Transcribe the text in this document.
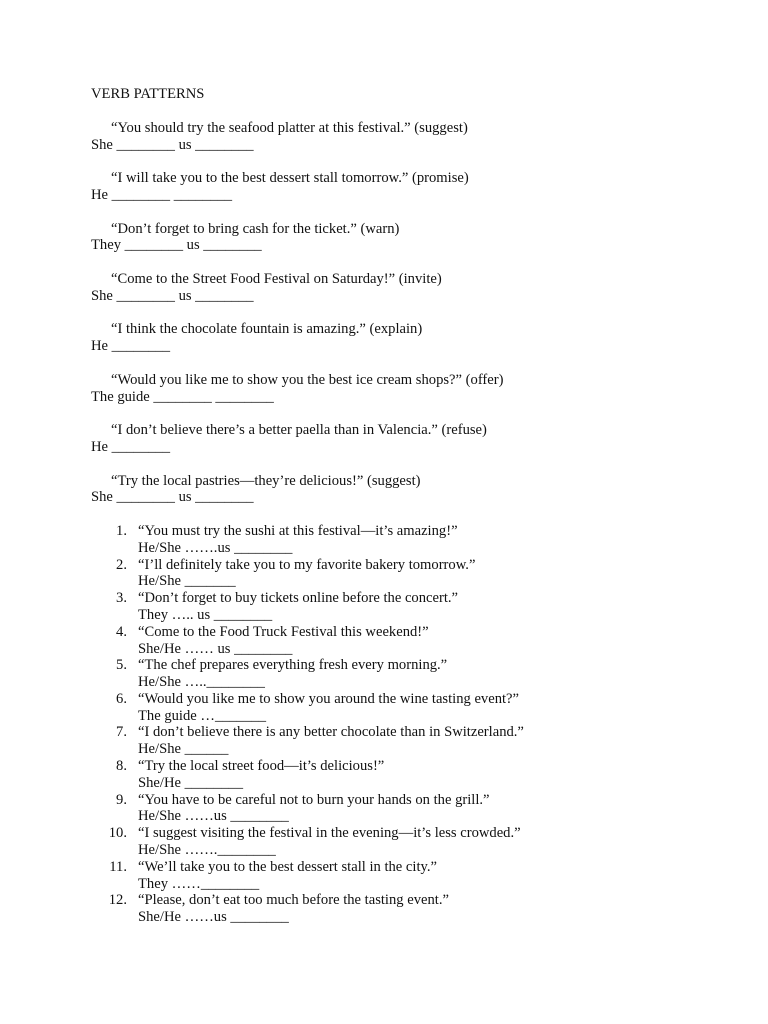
VERB PATTERNS
“You should try the seafood platter at this festival.” (suggest)
She ________ us ________
“I will take you to the best dessert stall tomorrow.” (promise)
He ________ ________
“Don’t forget to bring cash for the ticket.” (warn)
They ________ us ________
“Come to the Street Food Festival on Saturday!” (invite)
She ________ us ________
“I think the chocolate fountain is amazing.” (explain)
He ________
“Would you like me to show you the best ice cream shops?” (offer)
The guide ________ ________
“I don’t believe there’s a better paella than in Valencia.” (refuse)
He ________
“Try the local pastries—they’re delicious!” (suggest)
She ________ us ________
1. “You must try the sushi at this festival—it’s amazing!”
He/She …….us ________
2. “I’ll definitely take you to my favorite bakery tomorrow.”
He/She _______
3. “Don’t forget to buy tickets online before the concert.”
They ….. us ________
4. “Come to the Food Truck Festival this weekend!”
She/He …… us ________
5. “The chef prepares everything fresh every morning.”
He/She …..________
6. “Would you like me to show you around the wine tasting event?”
The guide …_______
7. “I don’t believe there is any better chocolate than in Switzerland.”
He/She ______
8. “Try the local street food—it’s delicious!”
She/He ________
9. “You have to be careful not to burn your hands on the grill.”
He/She ……us ________
10. “I suggest visiting the festival in the evening—it’s less crowded.”
He/She …….________
11. “We’ll take you to the best dessert stall in the city.”
They ……________
12. “Please, don’t eat too much before the tasting event.”
She/He ……us ________
